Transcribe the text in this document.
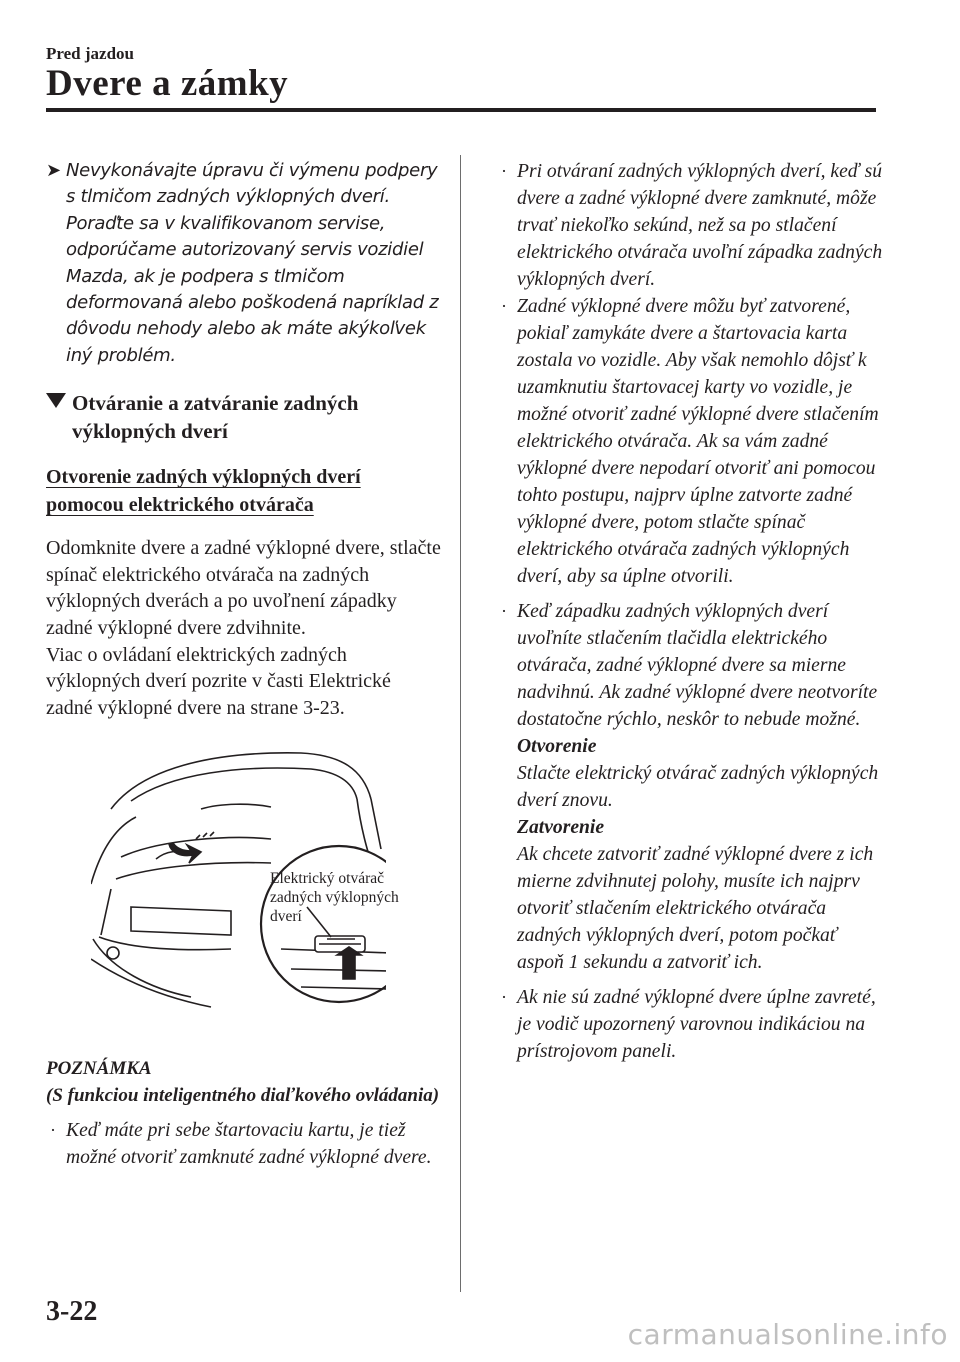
Pred jazdou
Dvere a zámky
➤ Nevykonávajte úpravu či výmenu podpery s tlmičom zadných výklopných dverí. Poraďte sa v kvalifikovanom servise, odporúčame autorizovaný servis vozidiel Mazda, ak je podpera s tlmičom deformovaná alebo poškodená napríklad z dôvodu nehody alebo ak máte akýkoľvek iný problém.
Otváranie a zatváranie zadných výklopných dverí
Otvorenie zadných výklopných dverí pomocou elektrického otvárača
Odomknite dvere a zadné výklopné dvere, stlačte spínač elektrického otvárača na zadných výklopných dverách a po uvoľnení západky zadné výklopné dvere zdvihnite.
Viac o ovládaní elektrických zadných výklopných dverí pozrite v časti Elektrické zadné výklopné dvere na strane 3-23.
Elektrický otvárač zadných výklopných dverí
POZNÁMKA
(S funkciou inteligentného diaľkového ovládania)
· Keď máte pri sebe štartovaciu kartu, je tiež možné otvoriť zamknuté zadné výklopné dvere.
· Pri otváraní zadných výklopných dverí, keď sú dvere a zadné výklopné dvere zamknuté, môže trvať niekoľko sekúnd, než sa po stlačení elektrického otvárača uvoľní západka zadných výklopných dverí.
· Zadné výklopné dvere môžu byť zatvorené, pokiaľ zamykáte dvere a štartovacia karta zostala vo vozidle. Aby však nemohlo dôjsť k uzamknutiu štartovacej karty vo vozidle, je možné otvoriť zadné výklopné dvere stlačením elektrického otvárača. Ak sa vám zadné výklopné dvere nepodarí otvoriť ani pomocou tohto postupu, najprv úplne zatvorte zadné výklopné dvere, potom stlačte spínač elektrického otvárača zadných výklopných dverí, aby sa úplne otvorili.
· Keď západku zadných výklopných dverí uvoľníte stlačením tlačidla elektrického otvárača, zadné výklopné dvere sa mierne nadvihnú. Ak zadné výklopné dvere neotvoríte dostatočne rýchlo, neskôr to nebude možné.
Otvorenie
Stlačte elektrický otvárač zadných výklopných dverí znovu.
Zatvorenie
Ak chcete zatvoriť zadné výklopné dvere z ich mierne zdvihnutej polohy, musíte ich najprv otvoriť stlačením elektrického otvárača zadných výklopných dverí, potom počkať aspoň 1 sekundu a zatvoriť ich.
· Ak nie sú zadné výklopné dvere úplne zavreté, je vodič upozornený varovnou indikáciou na prístrojovom paneli.
3-22
carmanualsonline.info
